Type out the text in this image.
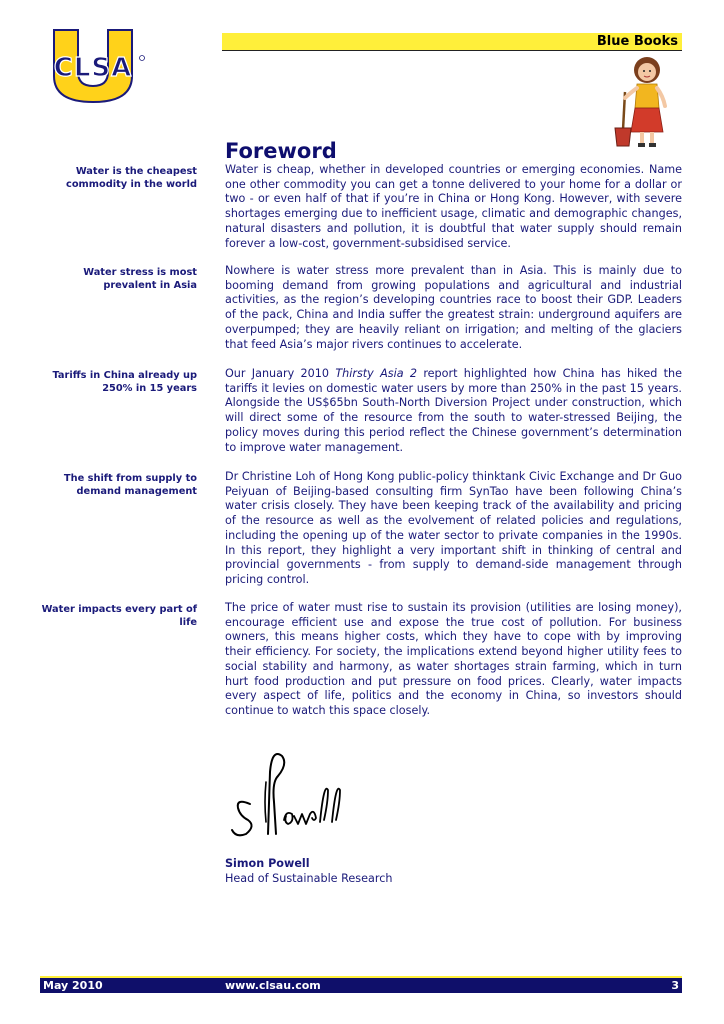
CLSA
Blue Books
Foreword
Water is the cheapest commodity in the world

Water is cheap, whether in developed countries or emerging economies. Name one other commodity you can get a tonne delivered to your home for a dollar or two - or even half of that if you’re in China or Hong Kong. However, with severe shortages emerging due to inefficient usage, climatic and demographic changes, natural disasters and pollution, it is doubtful that water supply should remain forever a low-cost, government-subsidised service.

Water stress is most prevalent in Asia

Nowhere is water stress more prevalent than in Asia. This is mainly due to booming demand from growing populations and agricultural and industrial activities, as the region’s developing countries race to boost their GDP. Leaders of the pack, China and India suffer the greatest strain: underground aquifers are overpumped; they are heavily reliant on irrigation; and melting of the glaciers that feed Asia’s major rivers continues to accelerate.

Tariffs in China already up 250% in 15 years

Our January 2010 Thirsty Asia 2 report highlighted how China has hiked the tariffs it levies on domestic water users by more than 250% in the past 15 years. Alongside the US$65bn South-North Diversion Project under construction, which will direct some of the resource from the south to water-stressed Beijing, the policy moves during this period reflect the Chinese government’s determination to improve water management.

The shift from supply to demand management

Dr Christine Loh of Hong Kong public-policy thinktank Civic Exchange and Dr Guo Peiyuan of Beijing-based consulting firm SynTao have been following China’s water crisis closely. They have been keeping track of the availability and pricing of the resource as well as the evolvement of related policies and regulations, including the opening up of the water sector to private companies in the 1990s. In this report, they highlight a very important shift in thinking of central and provincial governments - from supply to demand-side management through pricing control.

Water impacts every part of life

The price of water must rise to sustain its provision (utilities are losing money), encourage efficient use and expose the true cost of pollution. For business owners, this means higher costs, which they have to cope with by improving their efficiency. For society, the implications extend beyond higher utility fees to social stability and harmony, as water shortages strain farming, which in turn hurt food production and put pressure on food prices. Clearly, water impacts every aspect of life, politics and the economy in China, so investors should continue to watch this space closely.

Simon Powell
Head of Sustainable Research
May 2010	www.clsau.com	3
